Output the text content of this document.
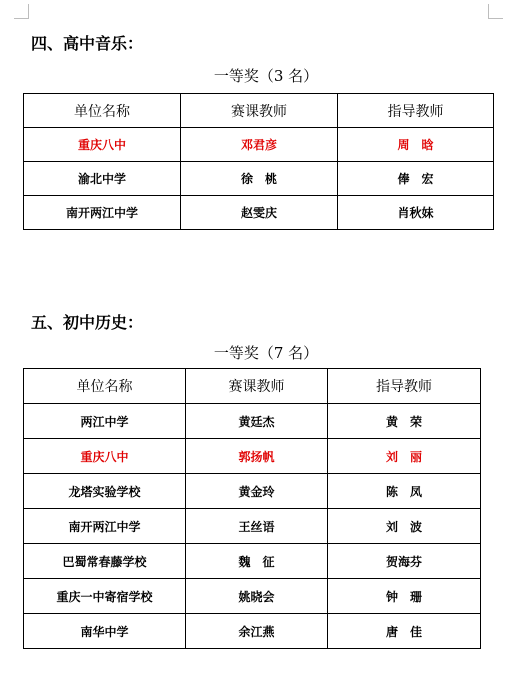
四、高中音乐：
一等奖（3 名）
单位名称	赛课教师	指导教师
重庆八中	邓君彦	周　晗
渝北中学	徐　桃	俸　宏
南开两江中学	赵雯庆	肖秋妹
五、初中历史：
一等奖（7 名）
单位名称	赛课教师	指导教师
两江中学	黄廷杰	黄　荣
重庆八中	郭扬帆	刘　丽
龙塔实验学校	黄金玲	陈　凤
南开两江中学	王丝语	刘　波
巴蜀常春藤学校	魏　征	贺海芬
重庆一中寄宿学校	姚晓会	钟　珊
南华中学	余江燕	唐　佳
